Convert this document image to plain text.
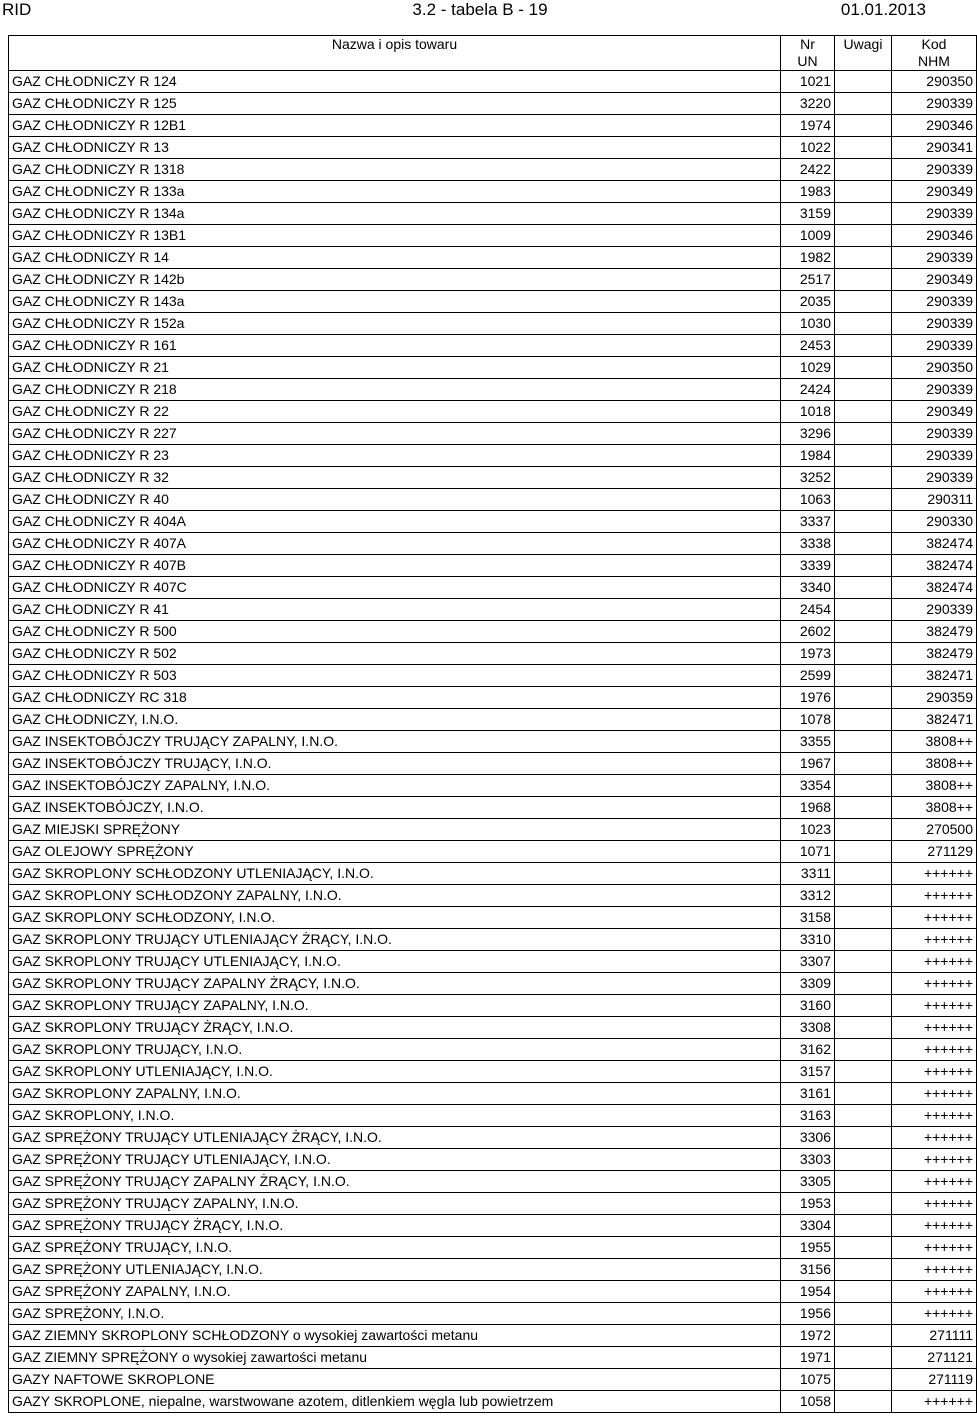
RID	3.2 - tabela B - 19	01.01.2013
Nazwa i opis towaru	Nr	Uwagi	Kod
	UN		NHM
GAZ CHŁODNICZY R 124	1021		290350
GAZ CHŁODNICZY R 125	3220		290339
GAZ CHŁODNICZY R 12B1	1974		290346
GAZ CHŁODNICZY R 13	1022		290341
GAZ CHŁODNICZY R 1318	2422		290339
GAZ CHŁODNICZY R 133a	1983		290349
GAZ CHŁODNICZY R 134a	3159		290339
GAZ CHŁODNICZY R 13B1	1009		290346
GAZ CHŁODNICZY R 14	1982		290339
GAZ CHŁODNICZY R 142b	2517		290349
GAZ CHŁODNICZY R 143a	2035		290339
GAZ CHŁODNICZY R 152a	1030		290339
GAZ CHŁODNICZY R 161	2453		290339
GAZ CHŁODNICZY R 21	1029		290350
GAZ CHŁODNICZY R 218	2424		290339
GAZ CHŁODNICZY R 22	1018		290349
GAZ CHŁODNICZY R 227	3296		290339
GAZ CHŁODNICZY R 23	1984		290339
GAZ CHŁODNICZY R 32	3252		290339
GAZ CHŁODNICZY R 40	1063		290311
GAZ CHŁODNICZY R 404A	3337		290330
GAZ CHŁODNICZY R 407A	3338		382474
GAZ CHŁODNICZY R 407B	3339		382474
GAZ CHŁODNICZY R 407C	3340		382474
GAZ CHŁODNICZY R 41	2454		290339
GAZ CHŁODNICZY R 500	2602		382479
GAZ CHŁODNICZY R 502	1973		382479
GAZ CHŁODNICZY R 503	2599		382471
GAZ CHŁODNICZY RC 318	1976		290359
GAZ CHŁODNICZY, I.N.O.	1078		382471
GAZ INSEKTOBÓJCZY TRUJĄCY ZAPALNY, I.N.O.	3355		3808++
GAZ INSEKTOBÓJCZY TRUJĄCY, I.N.O.	1967		3808++
GAZ INSEKTOBÓJCZY ZAPALNY, I.N.O.	3354		3808++
GAZ INSEKTOBÓJCZY, I.N.O.	1968		3808++
GAZ MIEJSKI SPRĘŻONY	1023		270500
GAZ OLEJOWY SPRĘŻONY	1071		271129
GAZ SKROPLONY SCHŁODZONY UTLENIAJĄCY, I.N.O.	3311		++++++
GAZ SKROPLONY SCHŁODZONY ZAPALNY, I.N.O.	3312		++++++
GAZ SKROPLONY SCHŁODZONY, I.N.O.	3158		++++++
GAZ SKROPLONY TRUJĄCY UTLENIAJĄCY ŻRĄCY, I.N.O.	3310		++++++
GAZ SKROPLONY TRUJĄCY UTLENIAJĄCY, I.N.O.	3307		++++++
GAZ SKROPLONY TRUJĄCY ZAPALNY ŻRĄCY, I.N.O.	3309		++++++
GAZ SKROPLONY TRUJĄCY ZAPALNY, I.N.O.	3160		++++++
GAZ SKROPLONY TRUJĄCY ŻRĄCY, I.N.O.	3308		++++++
GAZ SKROPLONY TRUJĄCY, I.N.O.	3162		++++++
GAZ SKROPLONY UTLENIAJĄCY, I.N.O.	3157		++++++
GAZ SKROPLONY ZAPALNY, I.N.O.	3161		++++++
GAZ SKROPLONY, I.N.O.	3163		++++++
GAZ SPRĘŻONY TRUJĄCY UTLENIAJĄCY ŻRĄCY, I.N.O.	3306		++++++
GAZ SPRĘŻONY TRUJĄCY UTLENIAJĄCY, I.N.O.	3303		++++++
GAZ SPRĘŻONY TRUJĄCY ZAPALNY ŻRĄCY, I.N.O.	3305		++++++
GAZ SPRĘŻONY TRUJĄCY ZAPALNY, I.N.O.	1953		++++++
GAZ SPRĘŻONY TRUJĄCY ŻRĄCY, I.N.O.	3304		++++++
GAZ SPRĘŻONY TRUJĄCY, I.N.O.	1955		++++++
GAZ SPRĘŻONY UTLENIAJĄCY, I.N.O.	3156		++++++
GAZ SPRĘŻONY ZAPALNY, I.N.O.	1954		++++++
GAZ SPRĘŻONY, I.N.O.	1956		++++++
GAZ ZIEMNY SKROPLONY SCHŁODZONY o wysokiej zawartości metanu	1972		271111
GAZ ZIEMNY SPRĘŻONY o wysokiej zawartości metanu	1971		271121
GAZY NAFTOWE SKROPLONE	1075		271119
GAZY SKROPLONE, niepalne, warstwowane azotem, ditlenkiem węgla lub powietrzem	1058		++++++
